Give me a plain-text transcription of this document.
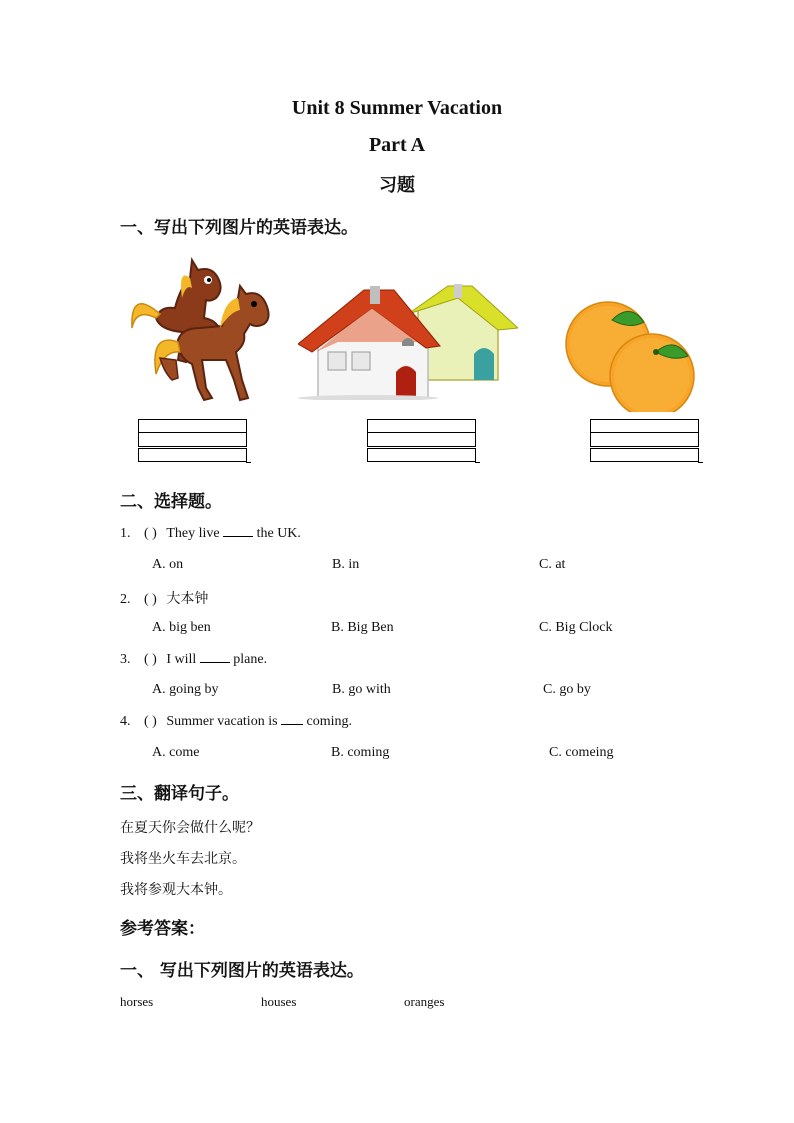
Unit 8 Summer Vacation
Part A
习题
一、写出下列图片的英语表达。
二、选择题。
1. ( ) They live  the UK.
A. on	B. in	C. at
2. ( ) 大本钟
A. big ben	B. Big Ben	C. Big Clock
3. ( ) I will  plane.
A. going by	B. go with	C. go by
4. ( ) Summer vacation is  coming.
A. come	B. coming	C. comeing
三、翻译句子。
在夏天你会做什么呢？
我将坐火车去北京。
我将参观大本钟。
参考答案：
一、 写出下列图片的英语表达。
horses	houses	oranges
